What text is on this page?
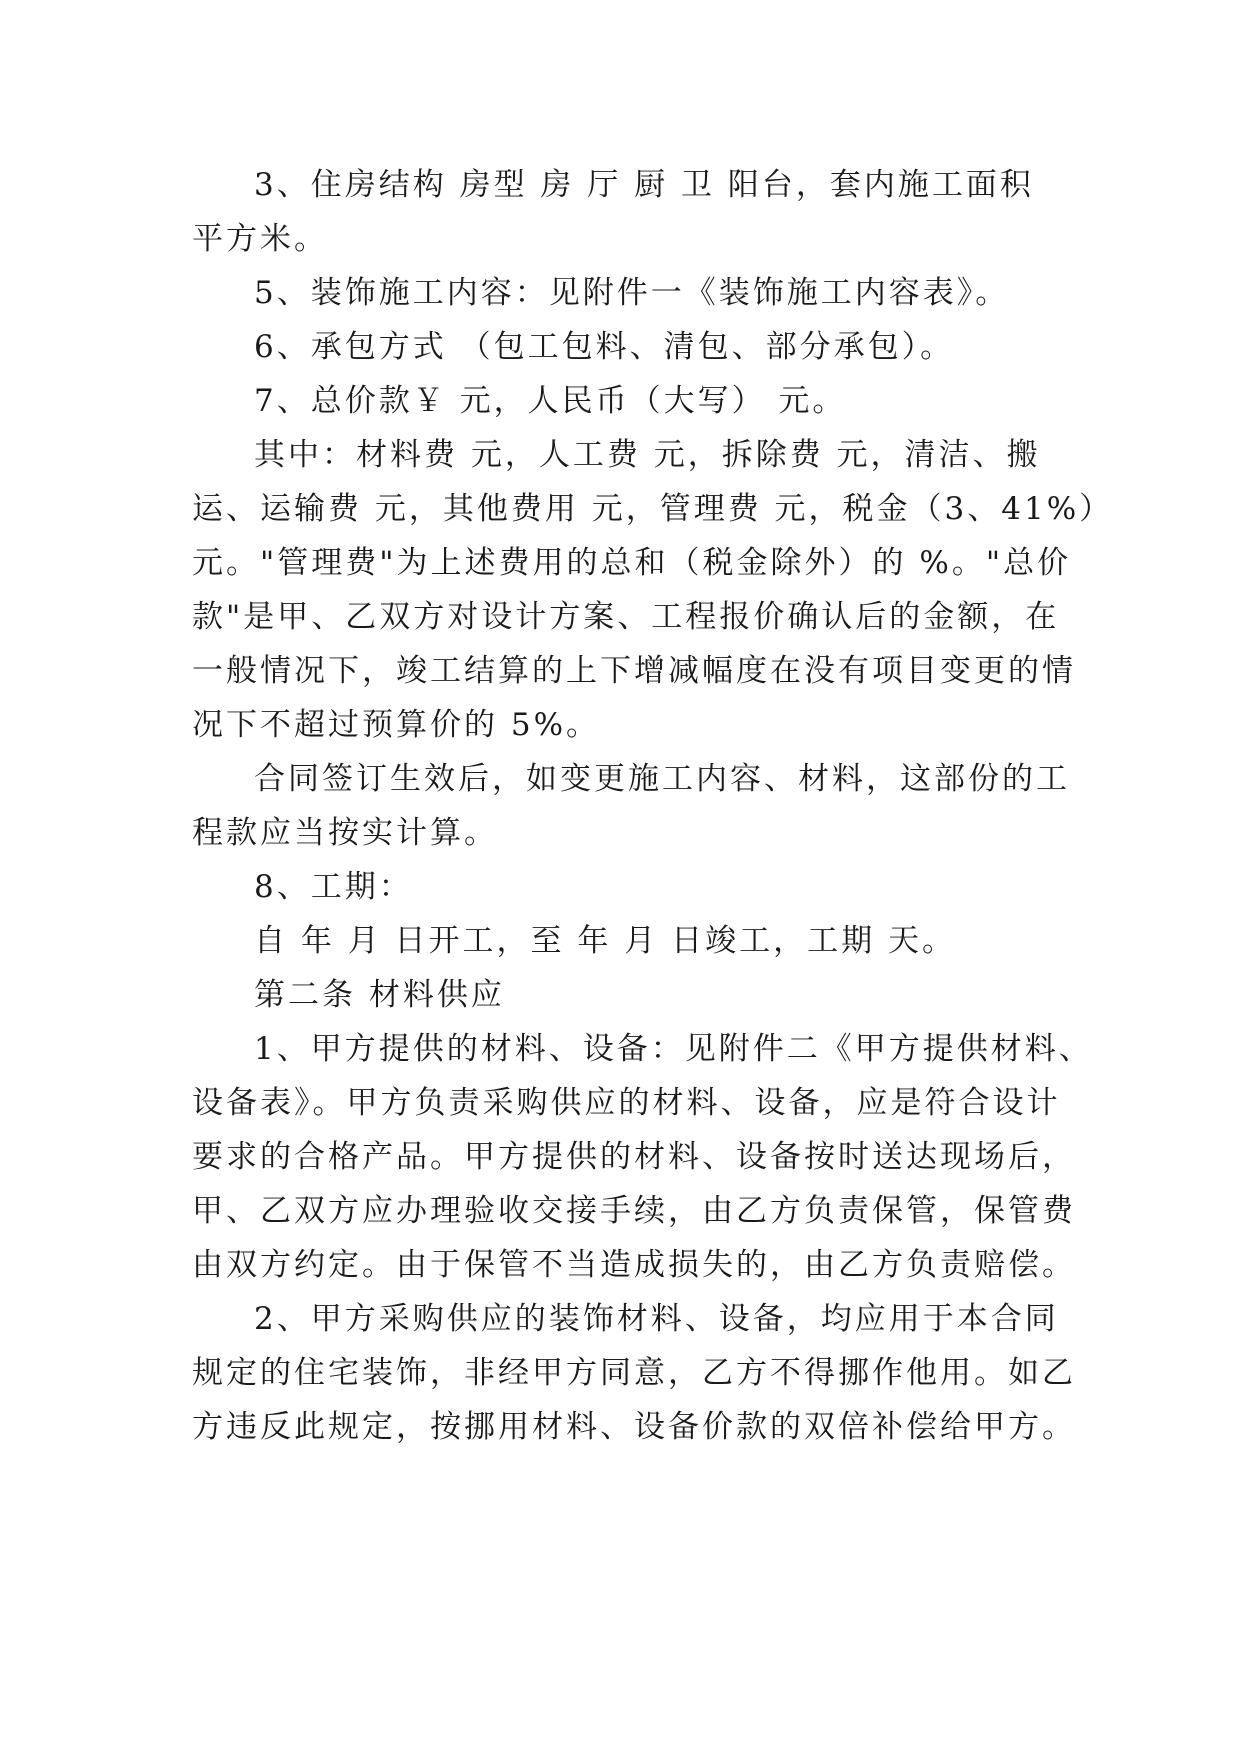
3、住房结构 房型 房 厅 厨 卫 阳台，套内施工面积
平方米。
5、装饰施工内容：见附件一《装饰施工内容表》。
6、承包方式 （包工包料、清包、部分承包）。
7、总价款￥ 元，人民币（大写） 元。
其中：材料费 元，人工费 元，拆除费 元，清洁、搬
运、运输费 元，其他费用 元，管理费 元，税金（3、41%）
元。"管理费"为上述费用的总和（税金除外）的 %。"总价
款"是甲、乙双方对设计方案、工程报价确认后的金额，在
一般情况下，竣工结算的上下增减幅度在没有项目变更的情
况下不超过预算价的 5%。
合同签订生效后，如变更施工内容、材料，这部份的工
程款应当按实计算。
8、工期：
自 年 月 日开工，至 年 月 日竣工，工期 天。
第二条 材料供应
1、甲方提供的材料、设备：见附件二《甲方提供材料、
设备表》。甲方负责采购供应的材料、设备，应是符合设计
要求的合格产品。甲方提供的材料、设备按时送达现场后，
甲、乙双方应办理验收交接手续，由乙方负责保管，保管费
由双方约定。由于保管不当造成损失的，由乙方负责赔偿。
2、甲方采购供应的装饰材料、设备，均应用于本合同
规定的住宅装饰，非经甲方同意，乙方不得挪作他用。如乙
方违反此规定，按挪用材料、设备价款的双倍补偿给甲方。
